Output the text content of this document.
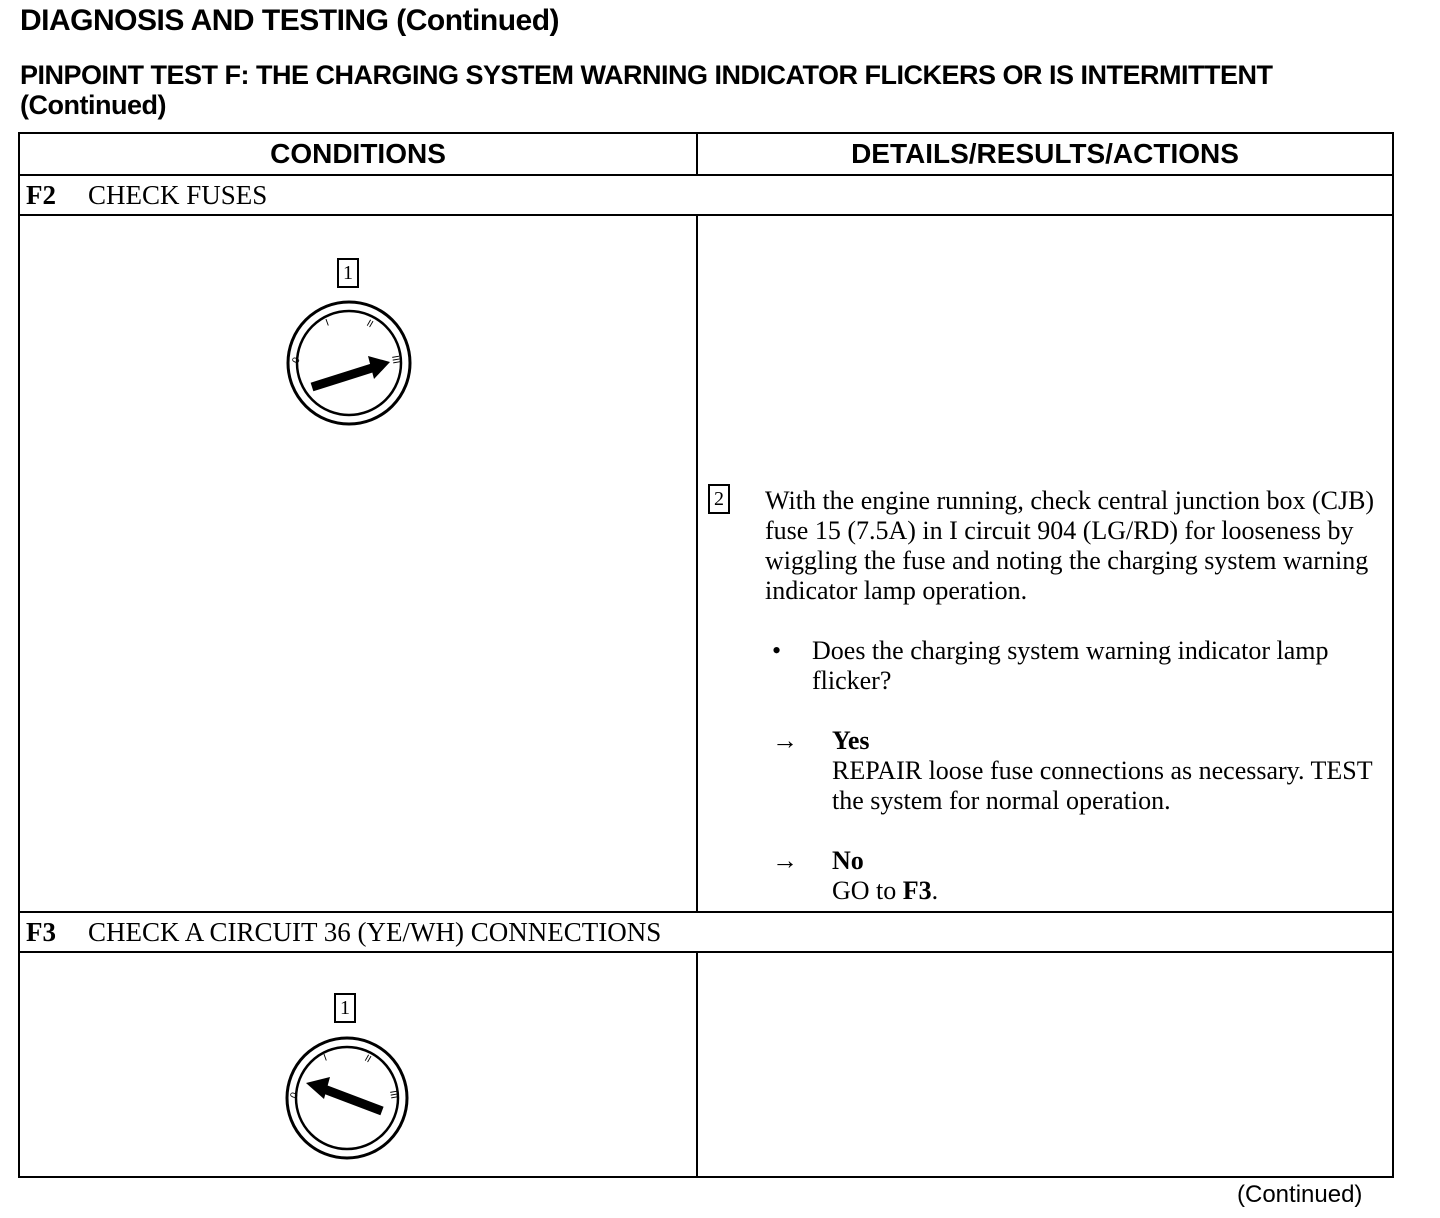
DIAGNOSIS AND TESTING (Continued)
PINPOINT TEST F: THE CHARGING SYSTEM WARNING INDICATOR FLICKERS OR IS INTERMITTENT (Continued)
CONDITIONS	DETAILS/RESULTS/ACTIONS
F2	CHECK FUSES
1
I	II
III
0
2 With the engine running, check central junction box (CJB) fuse 15 (7.5A) in I circuit 904 (LG/RD) for looseness by wiggling the fuse and noting the charging system warning indicator lamp operation.
• Does the charging system warning indicator lamp flicker?
→ Yes
REPAIR loose fuse connections as necessary. TEST the system for normal operation.
→ No
GO to F3.
F3	CHECK A CIRCUIT 36 (YE/WH) CONNECTIONS
1
I	II
III
0
(Continued)
